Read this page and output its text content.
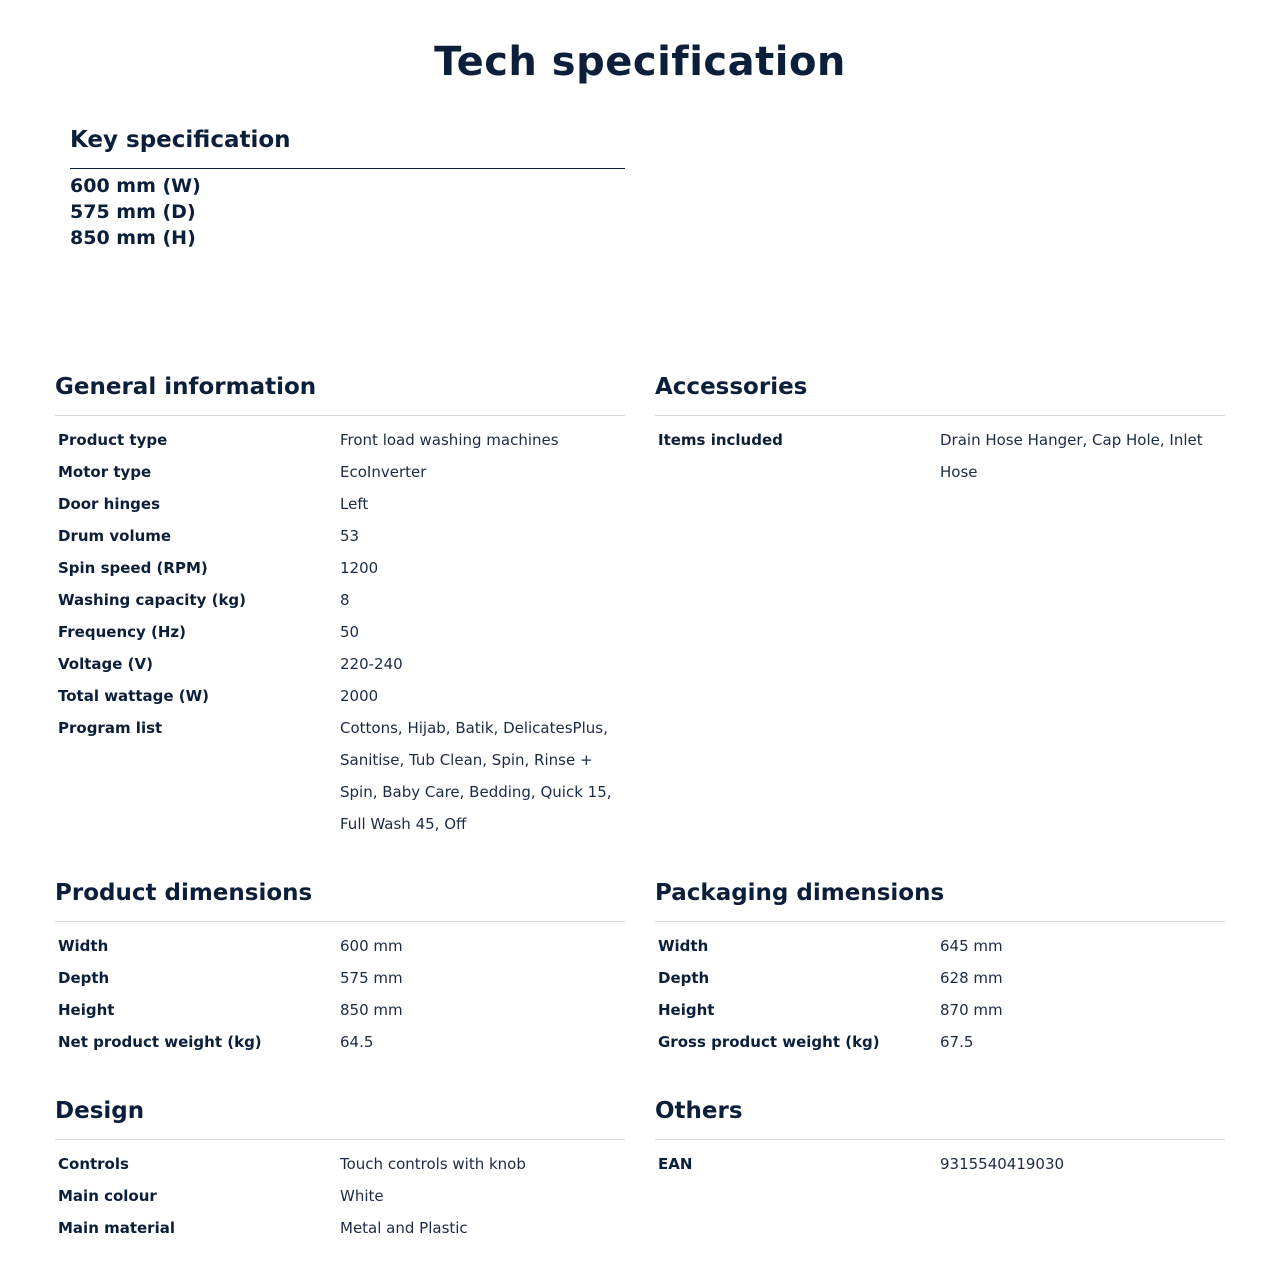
Tech specification
Key specification
600 mm (W)
575 mm (D)
850 mm (H)
General information
Product type	Front load washing machines
Motor type	EcoInverter
Door hinges	Left
Drum volume	53
Spin speed (RPM)	1200
Washing capacity (kg)	8
Frequency (Hz)	50
Voltage (V)	220-240
Total wattage (W)	2000
Program list	Cottons, Hijab, Batik, DelicatesPlus, Sanitise, Tub Clean, Spin, Rinse + Spin, Baby Care, Bedding, Quick 15, Full Wash 45, Off
Accessories
Items included	Drain Hose Hanger, Cap Hole, Inlet Hose
Product dimensions
Width	600 mm
Depth	575 mm
Height	850 mm
Net product weight (kg)	64.5
Packaging dimensions
Width	645 mm
Depth	628 mm
Height	870 mm
Gross product weight (kg)	67.5
Design
Controls	Touch controls with knob
Main colour	White
Main material	Metal and Plastic
Others
EAN	9315540419030
